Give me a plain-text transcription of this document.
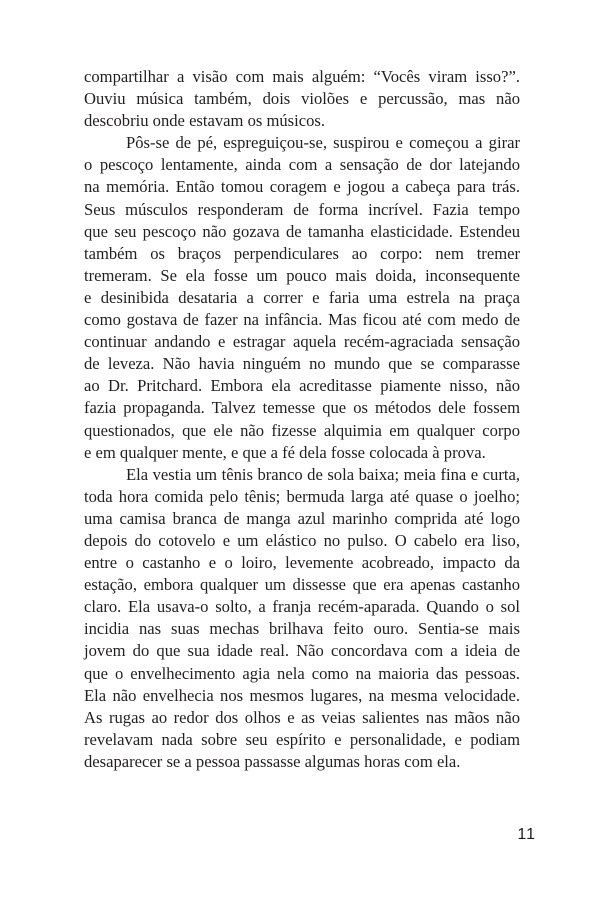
compartilhar a visão com mais alguém: “Vocês viram isso?”.
Ouviu música também, dois violões e percussão, mas não
descobriu onde estavam os músicos.
Pôs-se de pé, espreguiçou-se, suspirou e começou a girar
o pescoço lentamente, ainda com a sensação de dor latejando
na memória. Então tomou coragem e jogou a cabeça para trás.
Seus músculos responderam de forma incrível. Fazia tempo
que seu pescoço não gozava de tamanha elasticidade. Estendeu
também os braços perpendiculares ao corpo: nem tremer
tremeram. Se ela fosse um pouco mais doida, inconsequente
e desinibida desataria a correr e faria uma estrela na praça
como gostava de fazer na infância. Mas ficou até com medo de
continuar andando e estragar aquela recém-agraciada sensação
de leveza. Não havia ninguém no mundo que se comparasse
ao Dr. Pritchard. Embora ela acreditasse piamente nisso, não
fazia propaganda. Talvez temesse que os métodos dele fossem
questionados, que ele não fizesse alquimia em qualquer corpo
e em qualquer mente, e que a fé dela fosse colocada à prova.
Ela vestia um tênis branco de sola baixa; meia fina e curta,
toda hora comida pelo tênis; bermuda larga até quase o joelho;
uma camisa branca de manga azul marinho comprida até logo
depois do cotovelo e um elástico no pulso. O cabelo era liso,
entre o castanho e o loiro, levemente acobreado, impacto da
estação, embora qualquer um dissesse que era apenas castanho
claro. Ela usava-o solto, a franja recém-aparada. Quando o sol
incidia nas suas mechas brilhava feito ouro. Sentia-se mais
jovem do que sua idade real. Não concordava com a ideia de
que o envelhecimento agia nela como na maioria das pessoas.
Ela não envelhecia nos mesmos lugares, na mesma velocidade.
As rugas ao redor dos olhos e as veias salientes nas mãos não
revelavam nada sobre seu espírito e personalidade, e podiam
desaparecer se a pessoa passasse algumas horas com ela.
11
